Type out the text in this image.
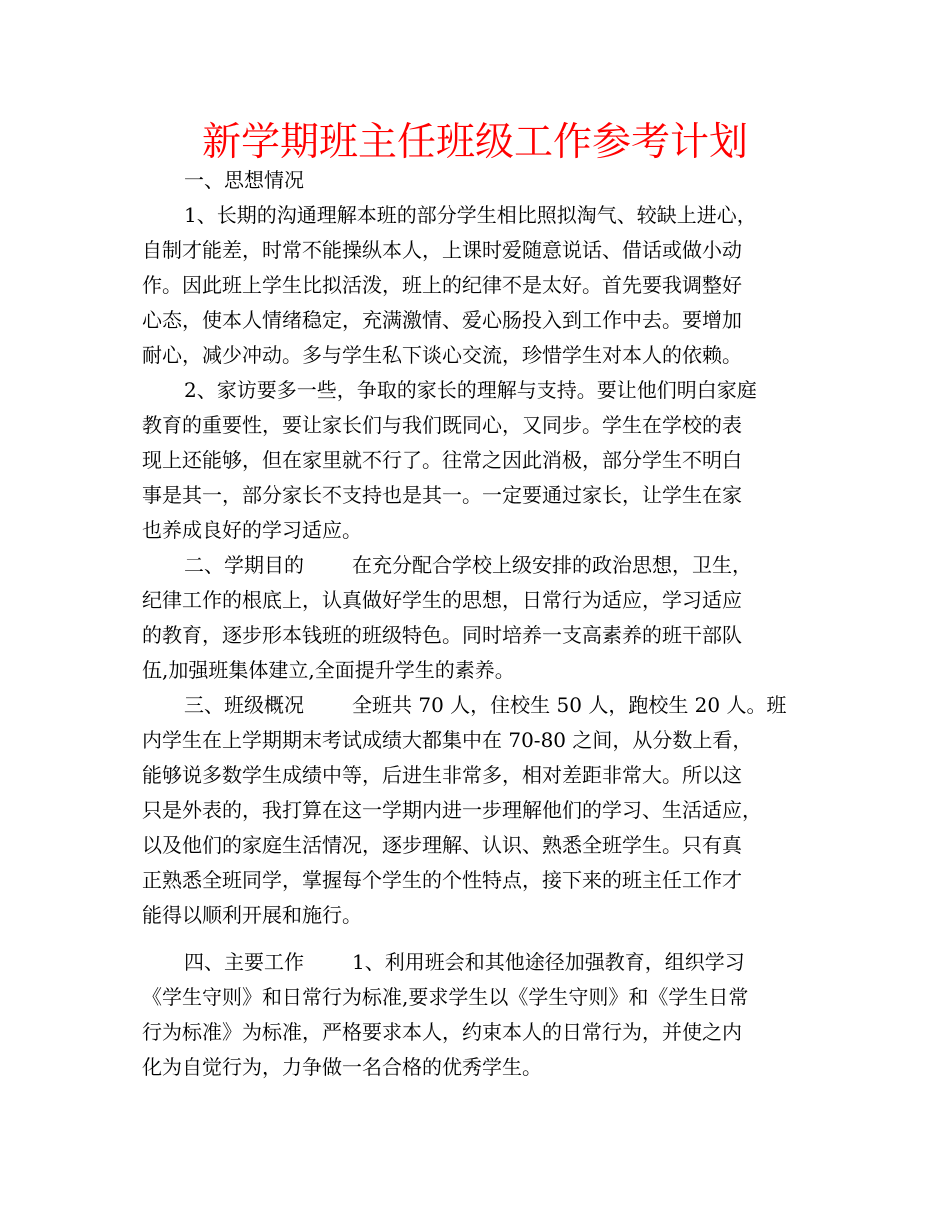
新学期班主任班级工作参考计划
一、思想情况
1、长期的沟通理解本班的部分学生相比照拟淘气、较缺上进心，
自制才能差，时常不能操纵本人，上课时爱随意说话、借话或做小动
作。因此班上学生比拟活泼，班上的纪律不是太好。首先要我调整好
心态，使本人情绪稳定，充满激情、爱心肠投入到工作中去。要增加
耐心，减少冲动。多与学生私下谈心交流，珍惜学生对本人的依赖。
2、家访要多一些，争取的家长的理解与支持。要让他们明白家庭
教育的重要性，要让家长们与我们既同心，又同步。学生在学校的表
现上还能够，但在家里就不行了。往常之因此消极，部分学生不明白
事是其一，部分家长不支持也是其一。一定要通过家长，让学生在家
也养成良好的学习适应。
二、学期目的 在充分配合学校上级安排的政治思想，卫生，
纪律工作的根底上，认真做好学生的思想，日常行为适应，学习适应
的教育，逐步形本钱班的班级特色。同时培养一支高素养的班干部队
伍,加强班集体建立,全面提升学生的素养。
三、班级概况 全班共 70 人，住校生 50 人，跑校生 20 人。班
内学生在上学期期末考试成绩大都集中在 70-80 之间，从分数上看，
能够说多数学生成绩中等，后进生非常多，相对差距非常大。所以这
只是外表的，我打算在这一学期内进一步理解他们的学习、生活适应，
以及他们的家庭生活情况，逐步理解、认识、熟悉全班学生。只有真
正熟悉全班同学，掌握每个学生的个性特点，接下来的班主任工作才
能得以顺利开展和施行。
四、主要工作 1、利用班会和其他途径加强教育，组织学习
《学生守则》和日常行为标准,要求学生以《学生守则》和《学生日常
行为标准》为标准，严格要求本人，约束本人的日常行为，并使之内
化为自觉行为，力争做一名合格的优秀学生。
